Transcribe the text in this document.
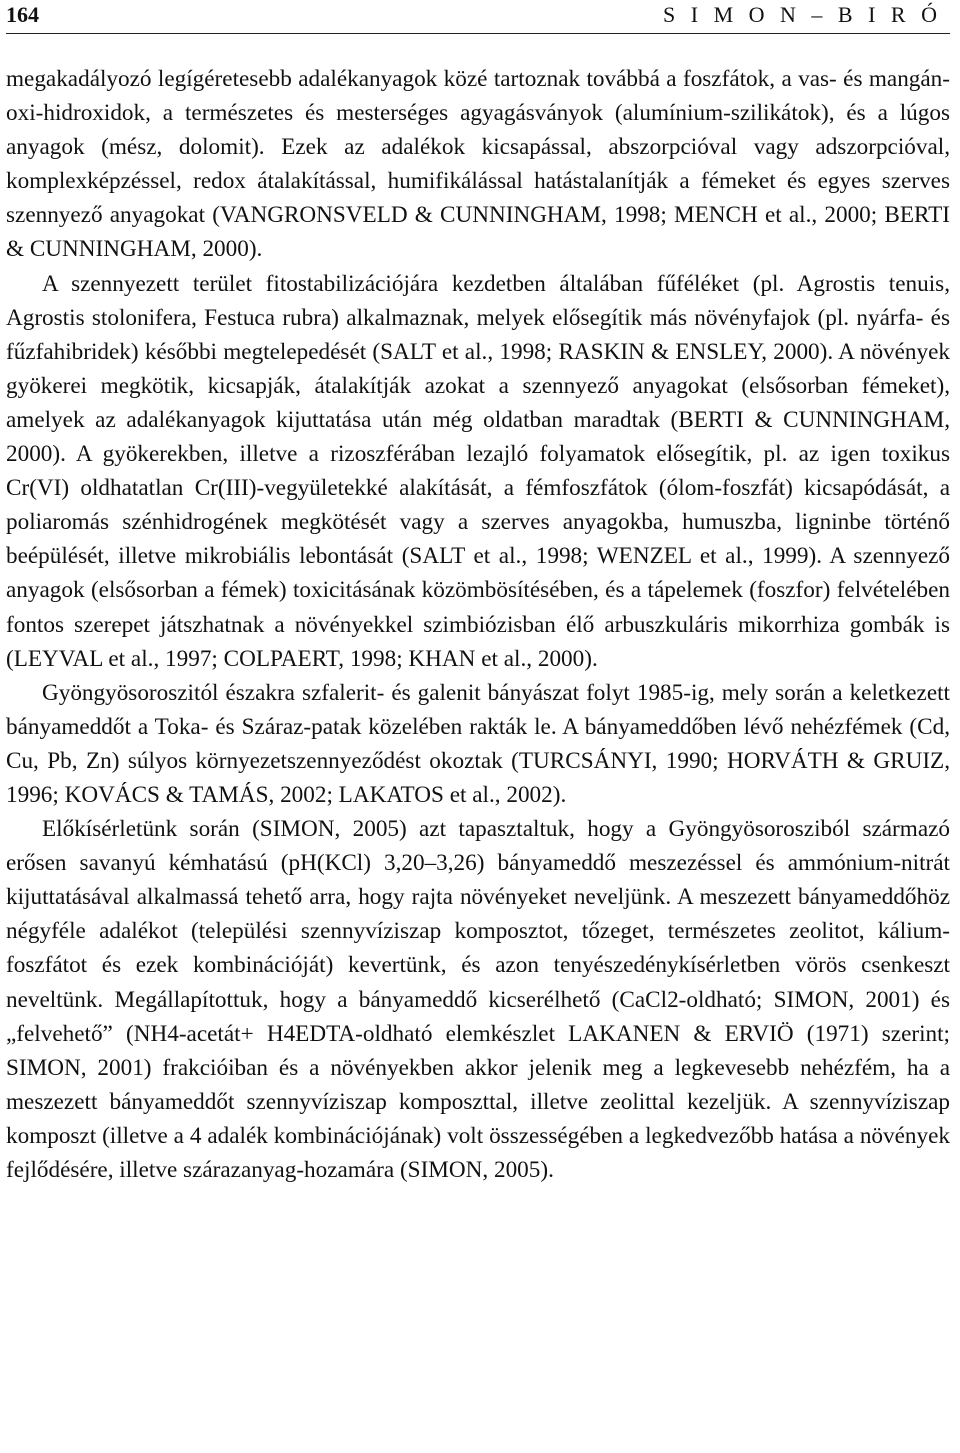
164	S I M O N – B I R Ó

megakadályozó legígéretesebb adalékanyagok közé tartoznak továbbá a foszfátok, a vas- és mangán-oxi-hidroxidok, a természetes és mesterséges agyagásványok (alumínium-szilikátok), és a lúgos anyagok (mész, dolomit). Ezek az adalékok kicsapással, abszorpcióval vagy adszorpcióval, komplexképzéssel, redox átalakítással, humifikálással hatástalanítják a fémeket és egyes szerves szennyező anyagokat (VANGRONSVELD & CUNNINGHAM, 1998; MENCH et al., 2000; BERTI & CUNNINGHAM, 2000).

A szennyezett terület fitostabilizációjára kezdetben általában fűféléket (pl. Agrostis tenuis, Agrostis stolonifera, Festuca rubra) alkalmaznak, melyek elősegítik más növényfajok (pl. nyárfa- és fűzfahibridek) későbbi megtelepedését (SALT et al., 1998; RASKIN & ENSLEY, 2000). A növények gyökerei megkötik, kicsapják, átalakítják azokat a szennyező anyagokat (elsősorban fémeket), amelyek az adalékanyagok kijuttatása után még oldatban maradtak (BERTI & CUNNINGHAM, 2000). A gyökerekben, illetve a rizoszférában lezajló folyamatok elősegítik, pl. az igen toxikus Cr(VI) oldhatatlan Cr(III)-vegyületekké alakítását, a fémfoszfátok (ólom-foszfát) kicsapódását, a poliaromás szénhidrogének megkötését vagy a szerves anyagokba, humuszba, ligninbe történő beépülését, illetve mikrobiális lebontását (SALT et al., 1998; WENZEL et al., 1999). A szennyező anyagok (elsősorban a fémek) toxicitásának közömbösítésében, és a tápelemek (foszfor) felvételében fontos szerepet játszhatnak a növényekkel szimbiózisban élő arbuszkuláris mikorrhiza gombák is (LEYVAL et al., 1997; COLPAERT, 1998; KHAN et al., 2000).

Gyöngyösoroszitól északra szfalerit- és galenit bányászat folyt 1985-ig, mely során a keletkezett bányameddőt a Toka- és Száraz-patak közelében rakták le. A bányameddőben lévő nehézfémek (Cd, Cu, Pb, Zn) súlyos környezetszennyeződést okoztak (TURCSÁNYI, 1990; HORVÁTH & GRUIZ, 1996; KOVÁCS & TAMÁS, 2002; LAKATOS et al., 2002).

Előkísérletünk során (SIMON, 2005) azt tapasztaltuk, hogy a Gyöngyösorosziból származó erősen savanyú kémhatású (pH(KCl) 3,20–3,26) bányameddő meszezéssel és ammónium-nitrát kijuttatásával alkalmassá tehető arra, hogy rajta növényeket neveljünk. A meszezett bányameddőhöz négyféle adalékot (települési szennyvíziszap komposztot, tőzeget, természetes zeolitot, kálium-foszfátot és ezek kombinációját) kevertünk, és azon tenyészedénykísérletben vörös csenkeszt neveltünk. Megállapítottuk, hogy a bányameddő kicserélhető (CaCl2-oldható; SIMON, 2001) és „felvehető” (NH4-acetát+ H4EDTA-oldható elemkészlet LAKANEN & ERVIÖ (1971) szerint; SIMON, 2001) frakcióiban és a növényekben akkor jelenik meg a legkevesebb nehézfém, ha a meszezett bányameddőt szennyvíziszap komposzttal, illetve zeolittal kezeljük. A szennyvíziszap komposzt (illetve a 4 adalék kombinációjának) volt összességében a legkedvezőbb hatása a növények fejlődésére, illetve szárazanyag-hozamára (SIMON, 2005).
